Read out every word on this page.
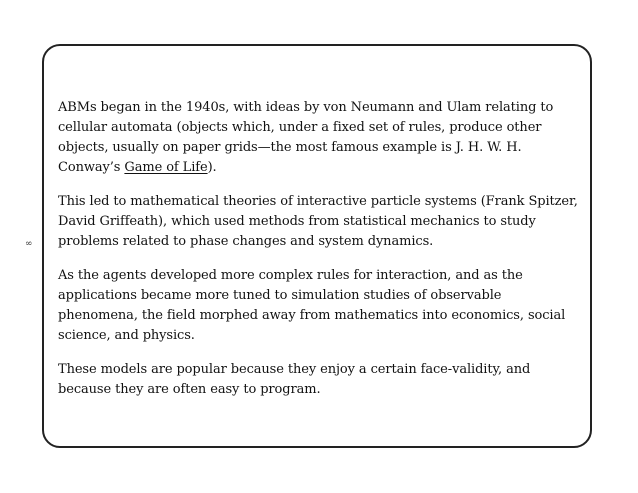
∞

ABMs began in the 1940s, with ideas by von Neumann and Ulam relating to cellular automata (objects which, under a fixed set of rules, produce other objects, usually on paper grids—the most famous example is J. H. W. H. Conway’s Game of Life).

This led to mathematical theories of interactive particle systems (Frank Spitzer, David Griffeath), which used methods from statistical mechanics to study problems related to phase changes and system dynamics.

As the agents developed more complex rules for interaction, and as the applications became more tuned to simulation studies of observable phenomena, the field morphed away from mathematics into economics, social science, and physics.

These models are popular because they enjoy a certain face-validity, and because they are often easy to program.
